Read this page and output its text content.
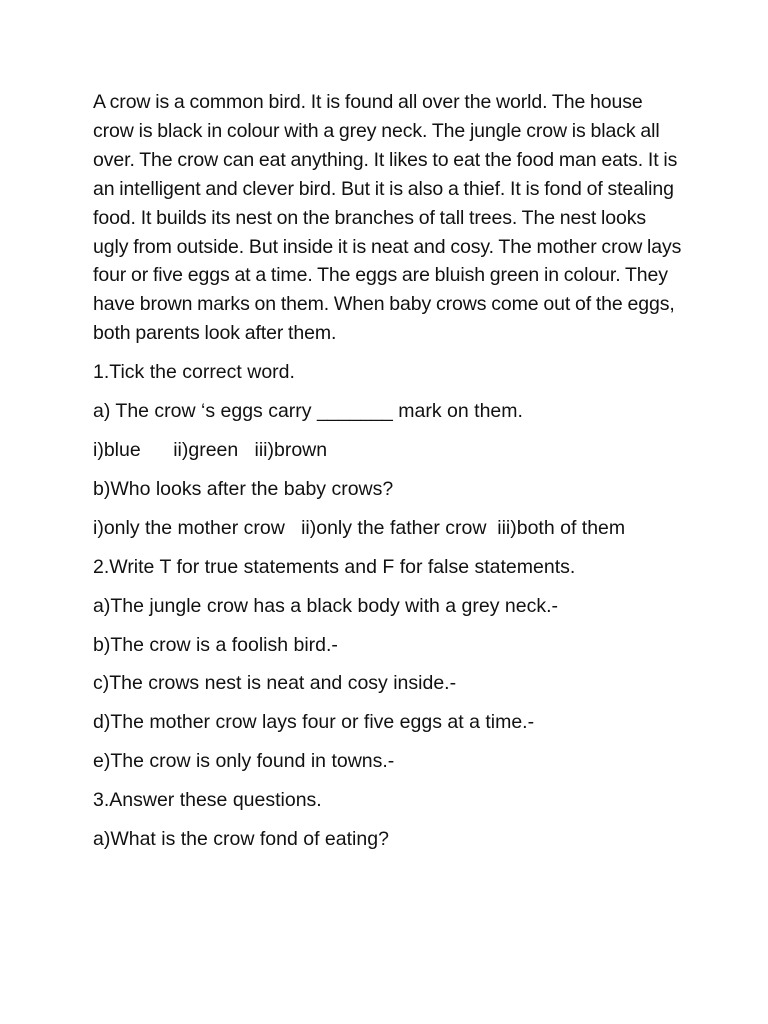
A crow is a common bird. It is found all over the world. The house crow is black in colour with a grey neck. The jungle crow is black all over. The crow can eat anything. It likes to eat the food man eats. It is an intelligent and clever bird. But it is also a thief. It is fond of stealing food. It builds its nest on the branches of tall trees. The nest looks ugly from outside. But inside it is neat and cosy. The mother crow lays four or five eggs at a time. The eggs are bluish green in colour. They have brown marks on them. When baby crows come out of the eggs, both parents look after them.

1.Tick the correct word.

a) The crow ‘s eggs carry _______ mark on them.

i)blue      ii)green   iii)brown

b)Who looks after the baby crows?

i)only the mother crow   ii)only the father crow  iii)both of them

2.Write T for true statements and F for false statements.

a)The jungle crow has a black body with a grey neck.-

b)The crow is a foolish bird.-

c)The crows nest is neat and cosy inside.-

d)The mother crow lays four or five eggs at a time.-

e)The crow is only found in towns.-

3.Answer these questions.

a)What is the crow fond of eating?
